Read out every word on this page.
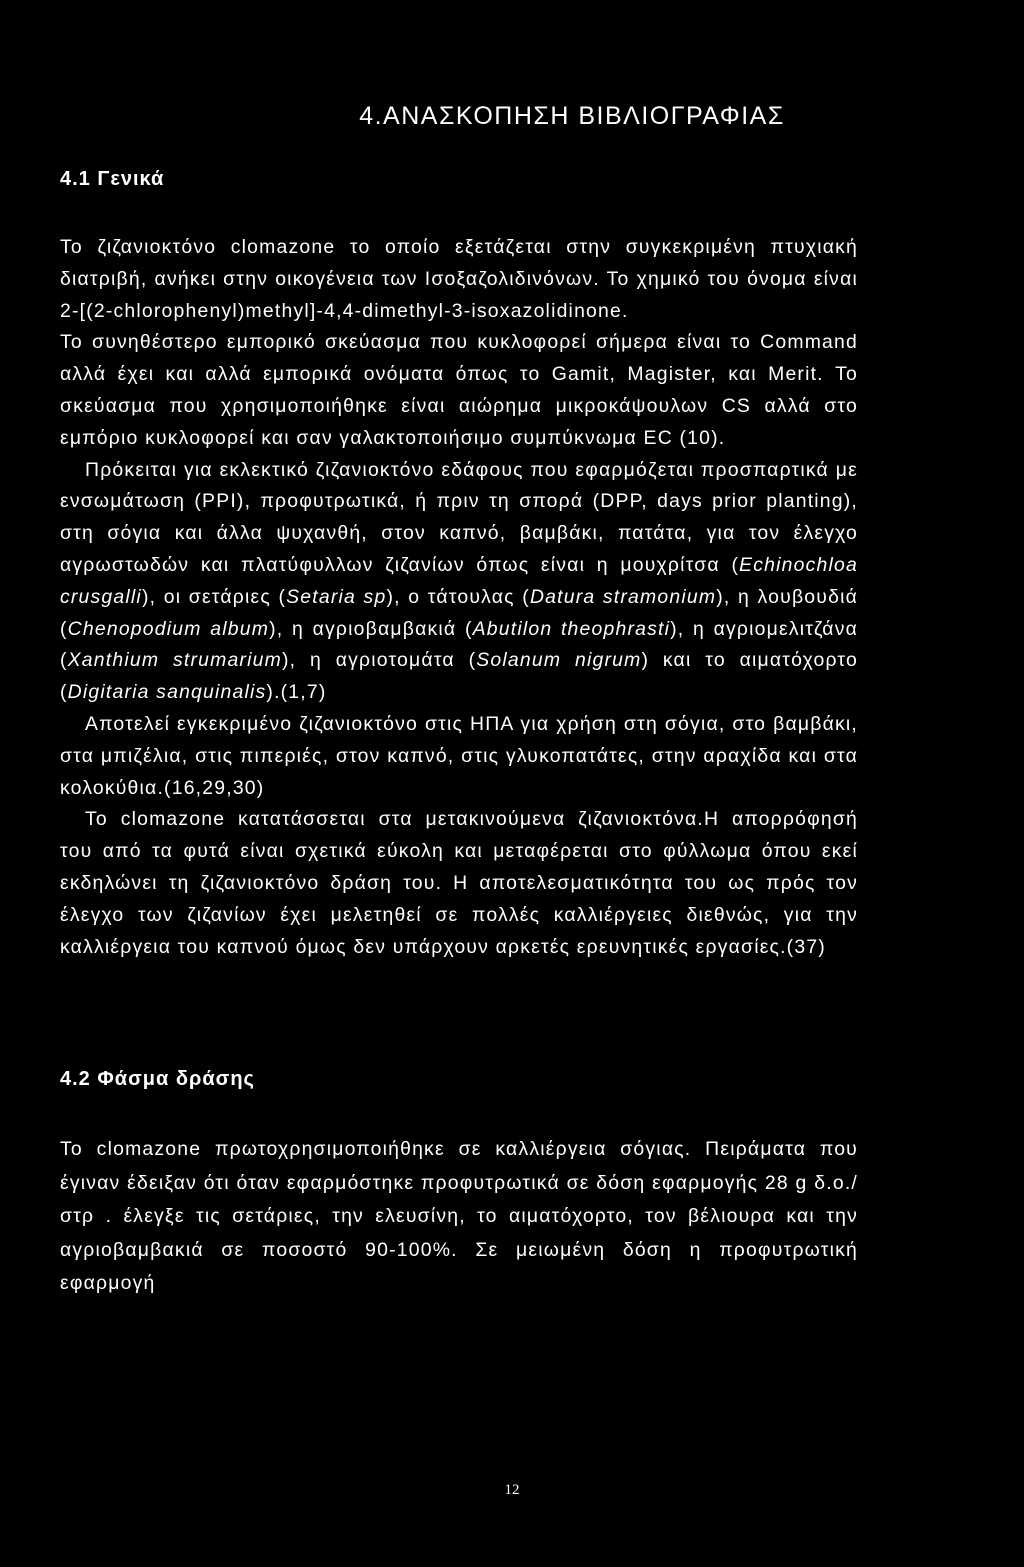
4.ΑΝΑΣΚΟΠΗΣΗ ΒΙΒΛΙΟΓΡΑΦΙΑΣ
4.1 Γενικά

Το ζιζανιοκτόνο clomazone το οποίο εξετάζεται στην συγκεκριμένη πτυχιακή διατριβή, ανήκει στην οικογένεια των Ισοξαζολιδινόνων. Το χημικό του όνομα είναι 2-[(2-chlorophenyl)methyl]-4,4-dimethyl-3-isoxazolidinone.

Το συνηθέστερο εμπορικό σκεύασμα που κυκλοφορεί σήμερα είναι το Command αλλά έχει και αλλά εμπορικά ονόματα όπως το Gamit, Magister, και Merit. Το σκεύασμα που χρησιμοποιήθηκε είναι αιώρημα μικροκάψουλων CS αλλά στο εμπόριο κυκλοφορεί και σαν γαλακτοποιήσιμο συμπύκνωμα EC (10).

Πρόκειται για εκλεκτικό ζιζανιοκτόνο εδάφους που εφαρμόζεται προσπαρτικά με ενσωμάτωση (PPI), προφυτρωτικά, ή πριν τη σπορά (DPP, days prior planting), στη σόγια και άλλα ψυχανθή, στον καπνό, βαμβάκι, πατάτα, για τον έλεγχο αγρωστωδών και πλατύφυλλων ζιζανίων όπως είναι η μουχρίτσα (Echinochloa crusgalli), οι σετάριες (Setaria sp), ο τάτουλας (Datura stramonium), η λουβουδιά (Chenopodium album), η αγριοβαμβακιά (Abutilon theophrasti), η αγριομελιτζάνα (Xanthium strumarium), η αγριοτομάτα (Solanum nigrum) και το αιματόχορτο (Digitaria sanquinalis).(1,7)

Αποτελεί εγκεκριμένο ζιζανιοκτόνο στις ΗΠΑ για χρήση στη σόγια, στο βαμβάκι, στα μπιζέλια, στις πιπεριές, στον καπνό, στις γλυκοπατάτες, στην αραχίδα και στα κολοκύθια.(16,29,30)

Το clomazone κατατάσσεται στα μετακινούμενα ζιζανιοκτόνα.Η απορρόφησή του από τα φυτά είναι σχετικά εύκολη και μεταφέρεται στο φύλλωμα όπου εκεί εκδηλώνει τη ζιζανιοκτόνο δράση του. Η αποτελεσματικότητα του ως πρός τον έλεγχο των ζιζανίων έχει μελετηθεί σε πολλές καλλιέργειες διεθνώς, για την καλλιέργεια του καπνού όμως δεν υπάρχουν αρκετές ερευνητικές εργασίες.(37)

4.2 Φάσμα δράσης

Το clomazone πρωτοχρησιμοποιήθηκε σε καλλιέργεια σόγιας. Πειράματα που έγιναν έδειξαν ότι όταν εφαρμόστηκε προφυτρωτικά σε δόση εφαρμογής 28 g δ.ο./στρ . έλεγξε τις σετάριες, την ελευσίνη, το αιματόχορτο, τον βέλιουρα και την αγριοβαμβακιά σε ποσοστό 90-100%. Σε μειωμένη δόση η προφυτρωτική εφαρμογή

12
